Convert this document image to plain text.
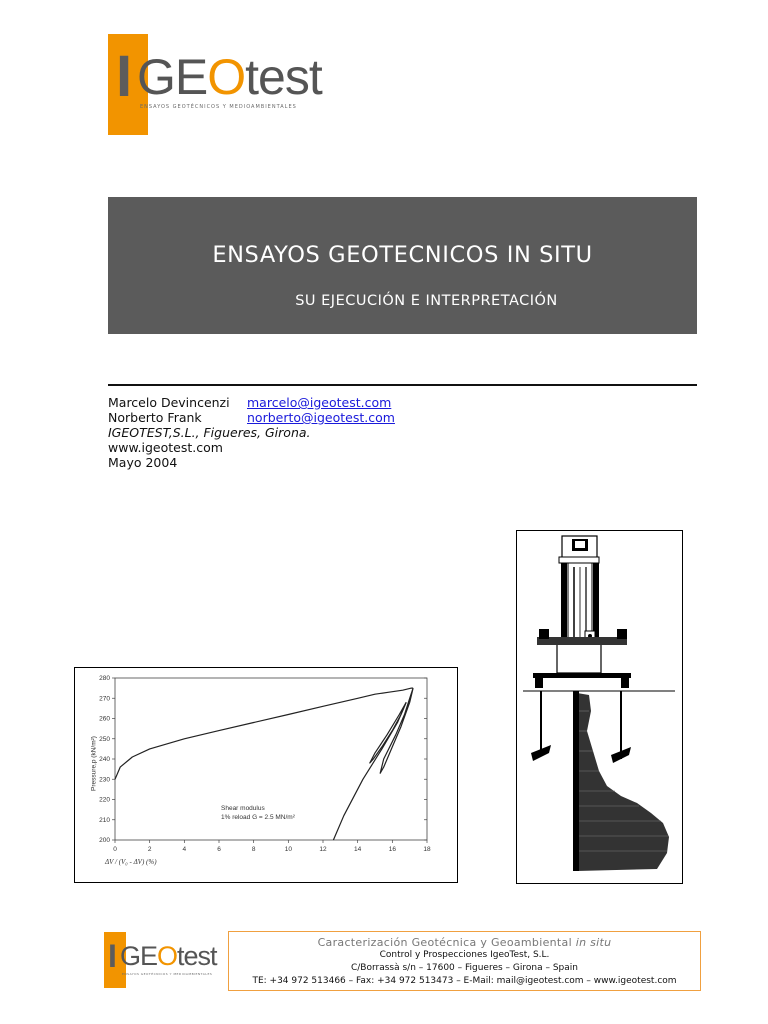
I GEOtest
ENSAYOS GEOTÉCNICOS Y MEDIOAMBIENTALES
ENSAYOS GEOTECNICOS IN SITU
SU EJECUCIÓN E INTERPRETACIÓN
Marcelo Devincenzi marcelo@igeotest.com
Norberto Frank	norberto@igeotest.com
IGEOTEST,S.L., Figueres, Girona.
www.igeotest.com
Mayo 2004
0	2	4	6	8	10	12	14	16	18
200
210
220
230
240
250
260
270
280
Pressure,p (kN/m²)
ΔV / (V₀ - ΔV) (%)
Shear modulus
1% reload G = 2.5 MN/m²
I GEOtest
ENSAYOS GEOTÉCNICOS Y MEDIOAMBIENTALES
Caracterización Geotécnica y Geoambiental in situ
Control y Prospecciones IgeoTest, S.L.
C/Borrassà s/n – 17600 – Figueres – Girona – Spain
TE: +34 972 513466 – Fax: +34 972 513473 – E-Mail: mail@igeotest.com – www.igeotest.com
